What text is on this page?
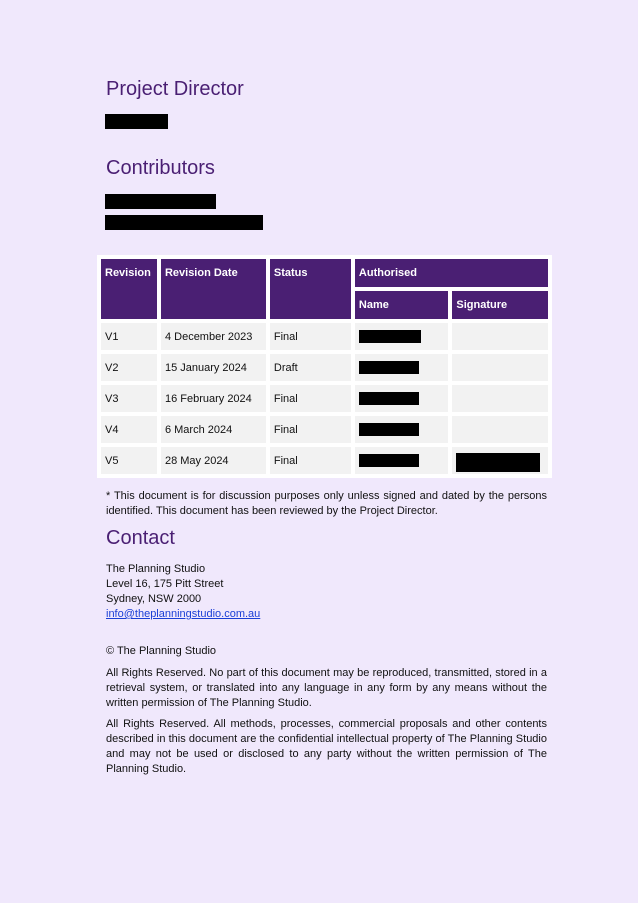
Project Director
Contributors
Revision	Revision Date	Status	Authorised	
			Name	Signature
V1	4 December 2023	Final		
V2	15 January 2024	Draft		
V3	16 February 2024	Final		
V4	6 March 2024	Final		
V5	28 May 2024	Final		

* This document is for discussion purposes only unless signed and dated by the persons identified. This document has been reviewed by the Project Director.

Contact
The Planning Studio
Level 16, 175 Pitt Street
Sydney, NSW 2000
info@theplanningstudio.com.au

© The Planning Studio

All Rights Reserved. No part of this document may be reproduced, transmitted, stored in a retrieval system, or translated into any language in any form by any means without the written permission of The Planning Studio.

All Rights Reserved. All methods, processes, commercial proposals and other contents described in this document are the confidential intellectual property of The Planning Studio and may not be used or disclosed to any party without the written permission of The Planning Studio.
